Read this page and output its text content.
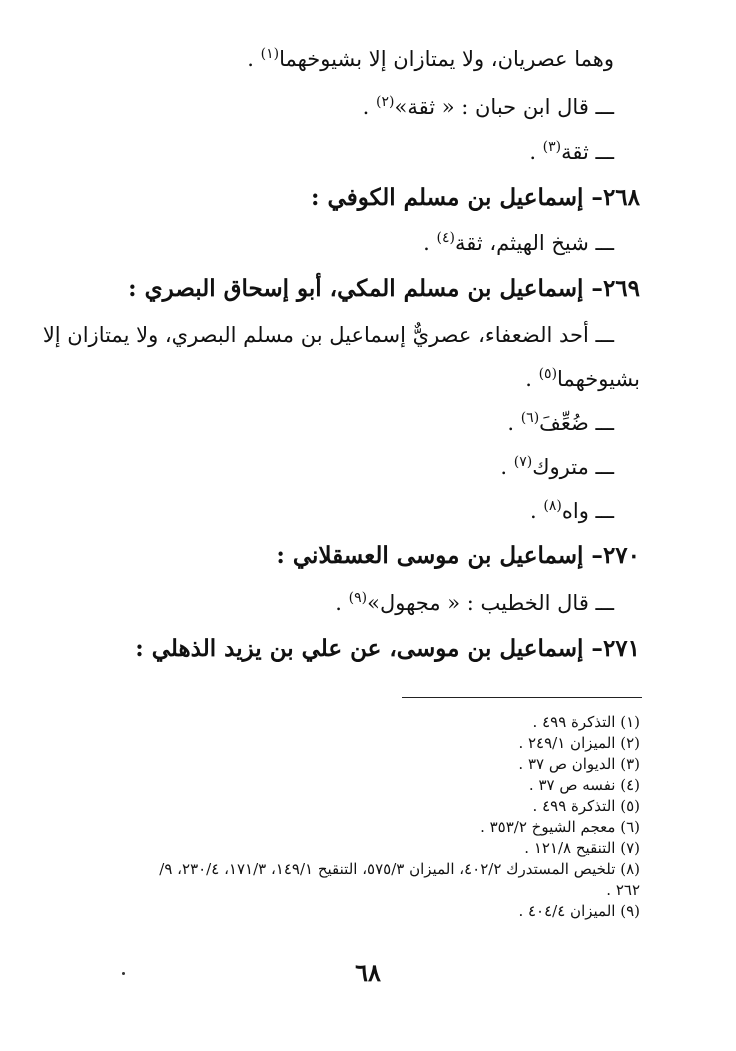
وهما عصريان، ولا يمتازان إلا بشيوخهما$^{(١)}$ .
ـــ قال ابن حبان : « ثقة»$^{(٢)}$ .
ـــ ثقة$^{(٣)}$ .
٢٦٨– إسماعيل بن مسلم الكوفي :
ـــ شيخ الهيثم، ثقة$^{(٤)}$ .
٢٦٩– إسماعيل بن مسلم المكي، أبو إسحاق البصري :
ـــ أحد الضعفاء، عصريٌّ إسماعيل بن مسلم البصري، ولا يمتازان إلا
بشيوخهما$^{(٥)}$ .
ـــ ضُعِّفَ$^{(٦)}$ .
ـــ متروك$^{(٧)}$ .
ـــ واه$^{(٨)}$ .
٢٧٠– إسماعيل بن موسى العسقلاني :
ـــ قال الخطيب : « مجهول»$^{(٩)}$ .
٢٧١– إسماعيل بن موسى، عن علي بن يزيد الذهلي :
(١) التذكرة ٤٩٩ .
(٢) الميزان ٢٤٩/١ .
(٣) الديوان ص ٣٧ .
(٤) نفسه ص ٣٧ .
(٥) التذكرة ٤٩٩ .
(٦) معجم الشيوخ ٣٥٣/٢ .
(٧) التنقيح ١٢١/٨ .
(٨) تلخيص المستدرك ٤٠٢/٢، الميزان ٥٧٥/٣، التنقيح ١٤٩/١، ١٧١/٣، ٢٣٠/٤، ٩/
٢٦٢ .
(٩) الميزان ٤٠٤/٤ .
٦٨
